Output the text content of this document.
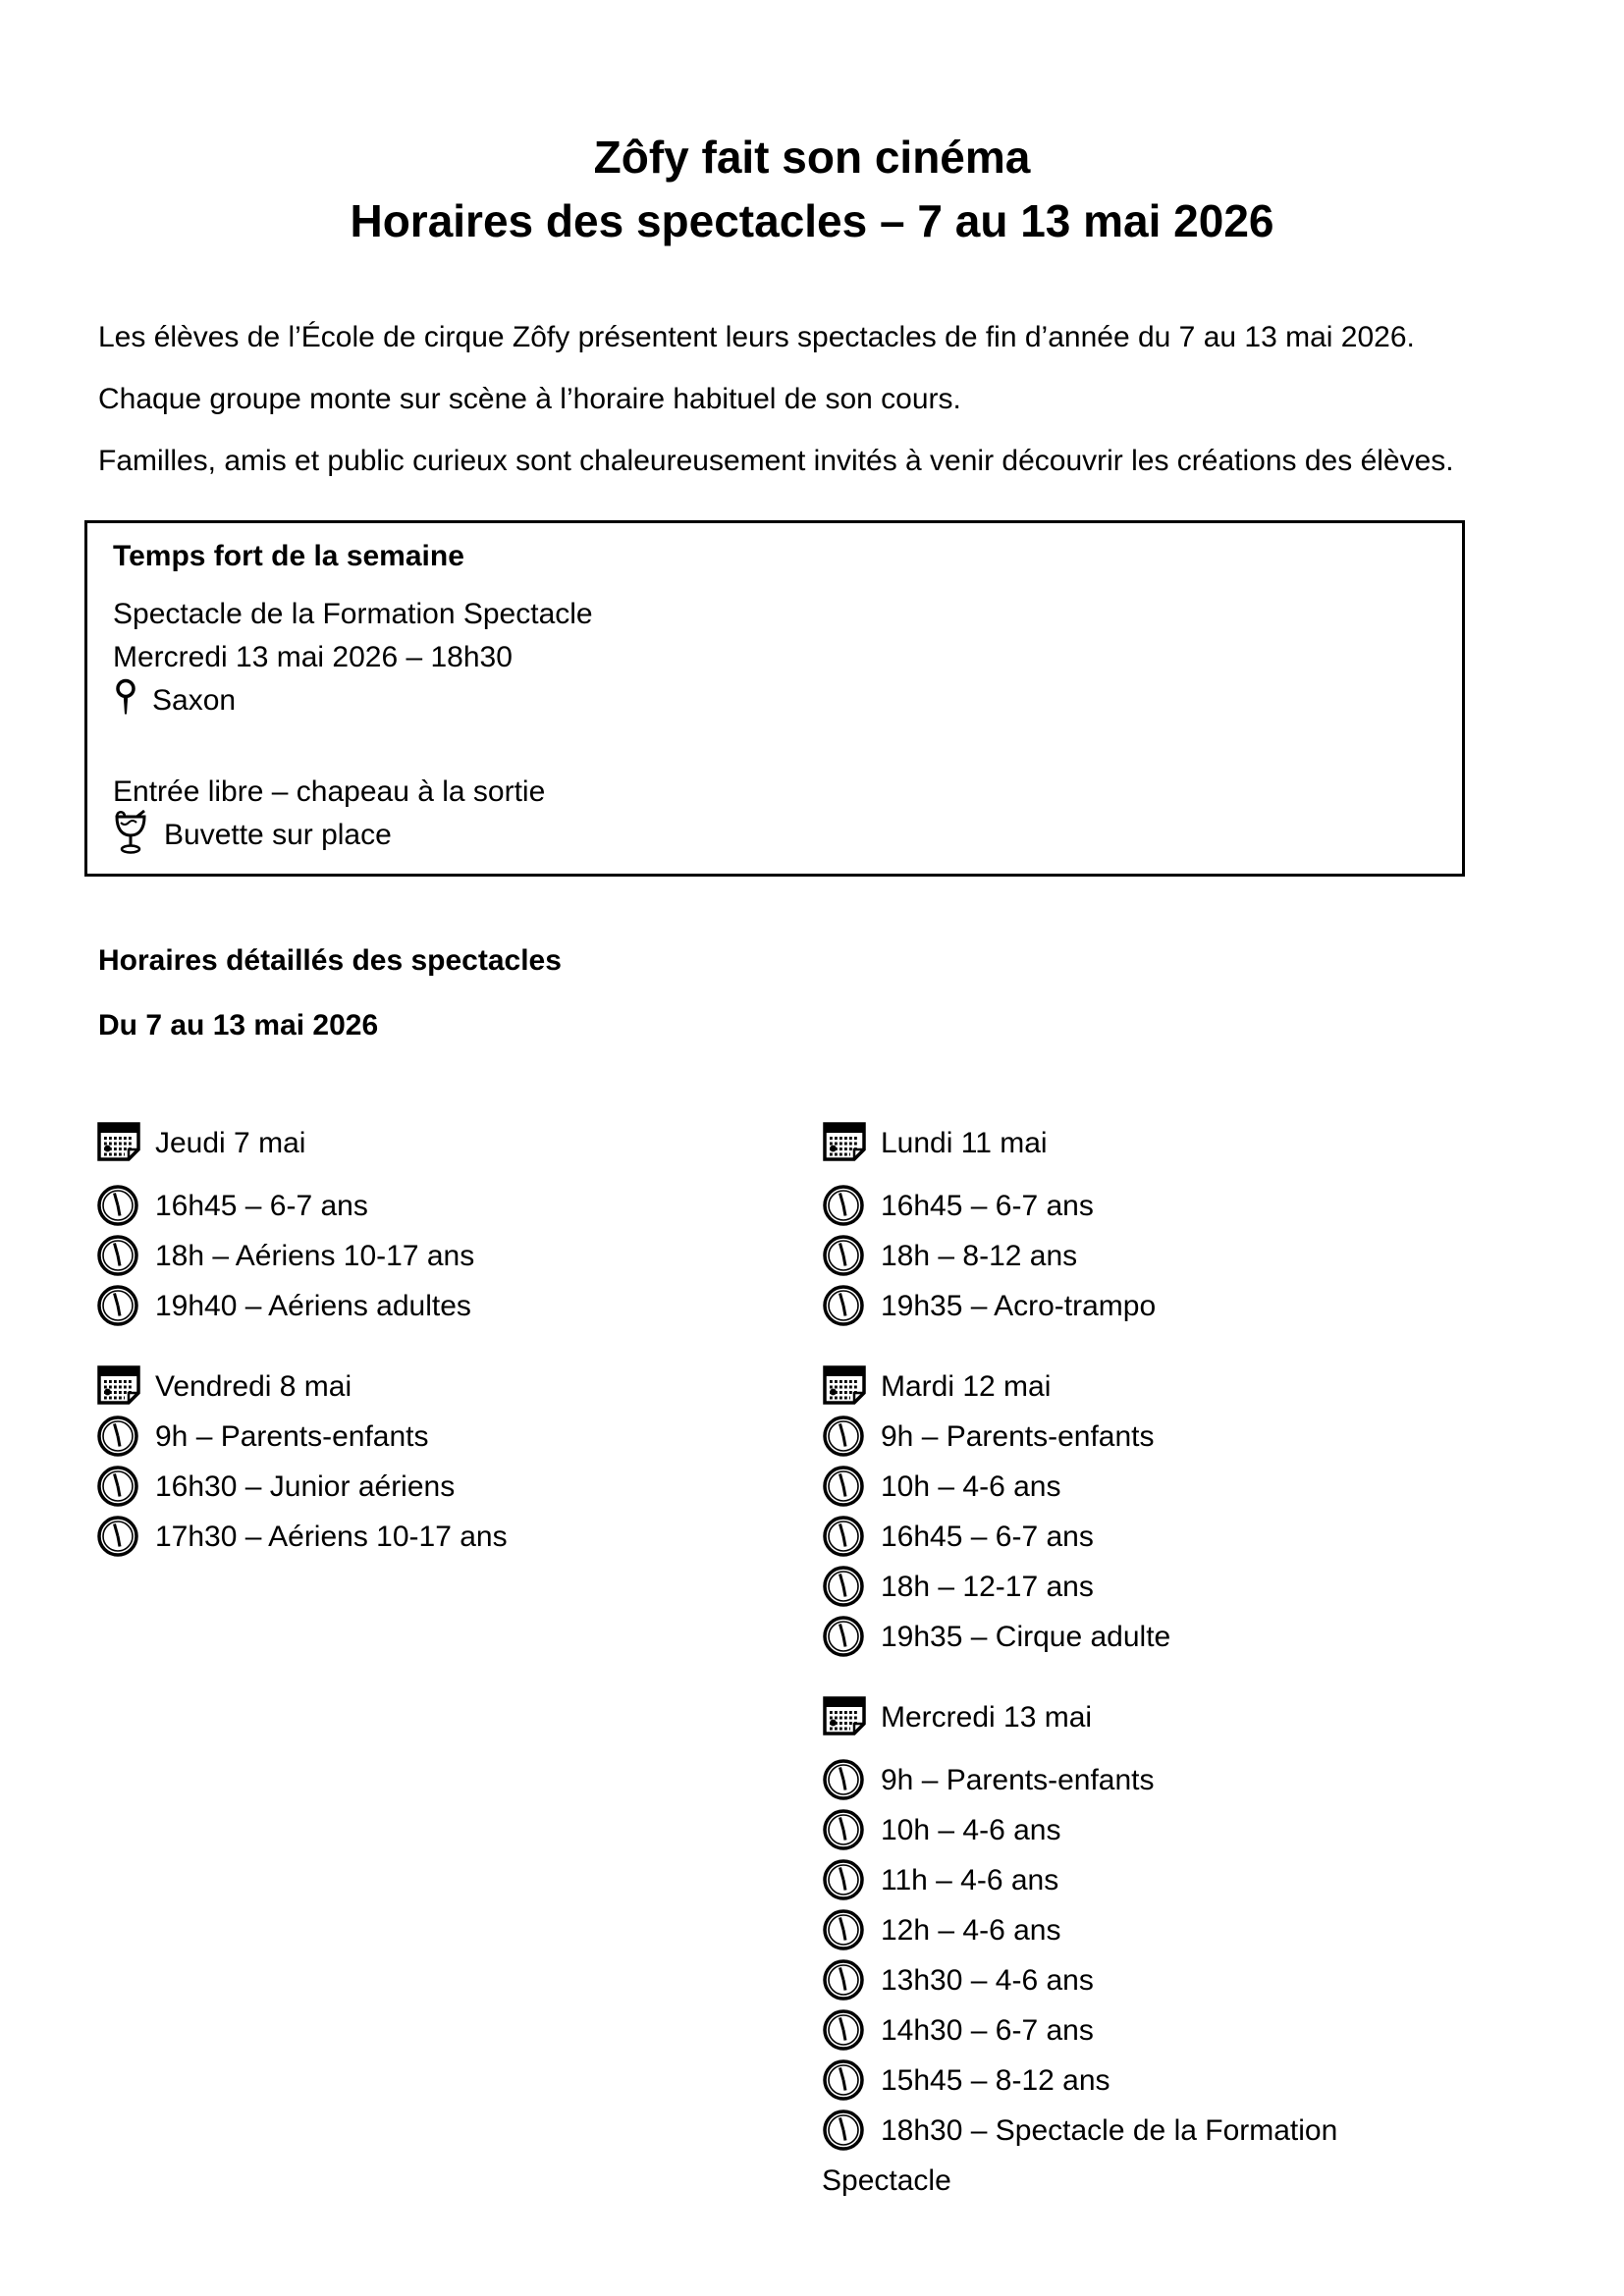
Zôfy fait son cinéma
Horaires des spectacles – 7 au 13 mai 2026

Les élèves de l’École de cirque Zôfy présentent leurs spectacles de fin d’année du 7 au 13 mai 2026.

Chaque groupe monte sur scène à l’horaire habituel de son cours.

Familles, amis et public curieux sont chaleureusement invités à venir découvrir les créations des élèves.

Temps fort de la semaine
Spectacle de la Formation Spectacle
Mercredi 13 mai 2026 – 18h30
Saxon
Entrée libre – chapeau à la sortie
Buvette sur place
Horaires détaillés des spectacles
Du 7 au 13 mai 2026
Jeudi 7 mai
16h45 – 6-7 ans
18h – Aériens 10-17 ans
19h40 – Aériens adultes
Vendredi 8 mai
9h – Parents-enfants
16h30 – Junior aériens
17h30 – Aériens 10-17 ans
Lundi 11 mai
16h45 – 6-7 ans
18h – 8-12 ans
19h35 – Acro-trampo
Mardi 12 mai
9h – Parents-enfants
10h – 4-6 ans
16h45 – 6-7 ans
18h – 12-17 ans
19h35 – Cirque adulte
Mercredi 13 mai
9h – Parents-enfants
10h – 4-6 ans
11h – 4-6 ans
12h – 4-6 ans
13h30 – 4-6 ans
14h30 – 6-7 ans
15h45 – 8-12 ans
18h30 – Spectacle de la Formation Spectacle
